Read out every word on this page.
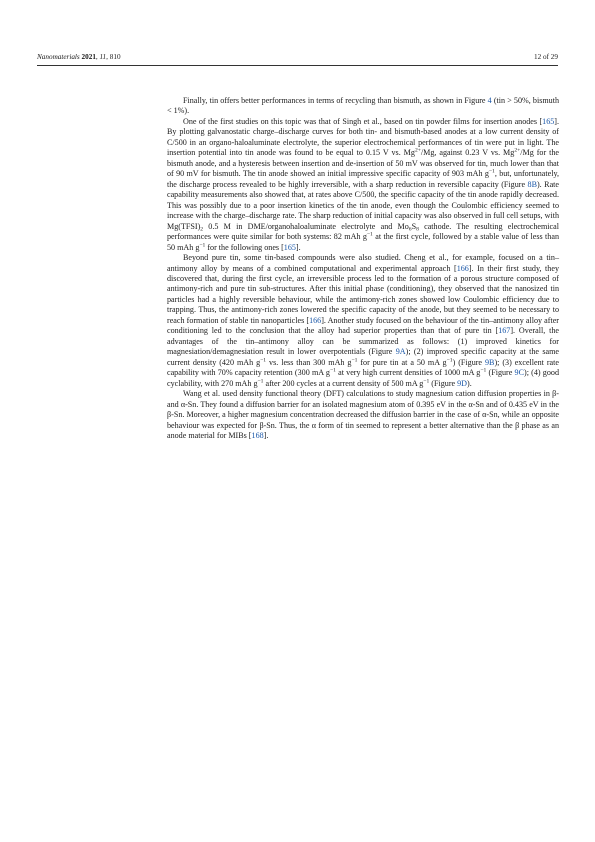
Nanomaterials 2021, 11, 810	12 of 29

Finally, tin offers better performances in terms of recycling than bismuth, as shown in Figure 4 (tin > 50%, bismuth < 1%).

One of the first studies on this topic was that of Singh et al., based on tin powder films for insertion anodes [165]. By plotting galvanostatic charge–discharge curves for both tin- and bismuth-based anodes at a low current density of C/500 in an organo-haloaluminate electrolyte, the superior electrochemical performances of tin were put in light. The insertion potential into tin anode was found to be equal to 0.15 V vs. $Mg^{2+}/Mg$, against 0.23 V vs. $Mg^{2+}/Mg$ for the bismuth anode, and a hysteresis between insertion and de-insertion of 50 mV was observed for tin, much lower than that of 90 mV for bismuth. The tin anode showed an initial impressive specific capacity of 903 mAh $g^{-1}$, but, unfortunately, the discharge process revealed to be highly irreversible, with a sharp reduction in reversible capacity (Figure 8B). Rate capability measurements also showed that, at rates above C/500, the specific capacity of the tin anode rapidly decreased. This was possibly due to a poor insertion kinetics of the tin anode, even though the Coulombic efficiency seemed to increase with the charge–discharge rate. The sharp reduction of initial capacity was also observed in full cell setups, with $Mg(TFSI)_2$ 0.5 M in DME/organohaloaluminate electrolyte and $Mo_6S_8$ cathode. The resulting electrochemical performances were quite similar for both systems: 82 mAh $g^{-1}$ at the first cycle, followed by a stable value of less than 50 mAh $g^{-1}$ for the following ones [165].

Beyond pure tin, some tin-based compounds were also studied. Cheng et al., for example, focused on a tin–antimony alloy by means of a combined computational and experimental approach [166]. In their first study, they discovered that, during the first cycle, an irreversible process led to the formation of a porous structure composed of antimony-rich and pure tin sub-structures. After this initial phase (conditioning), they observed that the nanosized tin particles had a highly reversible behaviour, while the antimony-rich zones showed low Coulombic efficiency due to trapping. Thus, the antimony-rich zones lowered the specific capacity of the anode, but they seemed to be necessary to reach formation of stable tin nanoparticles [166]. Another study focused on the behaviour of the tin–antimony alloy after conditioning led to the conclusion that the alloy had superior properties than that of pure tin [167]. Overall, the advantages of the tin–antimony alloy can be summarized as follows: (1) improved kinetics for magnesiation/demagnesiation result in lower overpotentials (Figure 9A); (2) improved specific capacity at the same current density (420 mAh $g^{-1}$ vs. less than 300 mAh $g^{-1}$ for pure tin at a 50 mA $g^{-1}$) (Figure 9B); (3) excellent rate capability with 70% capacity retention (300 mA $g^{-1}$ at very high current densities of 1000 mA $g^{-1}$ (Figure 9C); (4) good cyclability, with 270 mAh $g^{-1}$ after 200 cycles at a current density of 500 mA $g^{-1}$ (Figure 9D).

Wang et al. used density functional theory (DFT) calculations to study magnesium cation diffusion properties in β- and α-Sn. They found a diffusion barrier for an isolated magnesium atom of 0.395 eV in the α-Sn and of 0.435 eV in the β-Sn. Moreover, a higher magnesium concentration decreased the diffusion barrier in the case of α-Sn, while an opposite behaviour was expected for β-Sn. Thus, the α form of tin seemed to represent a better alternative than the β phase as an anode material for MIBs [168].
